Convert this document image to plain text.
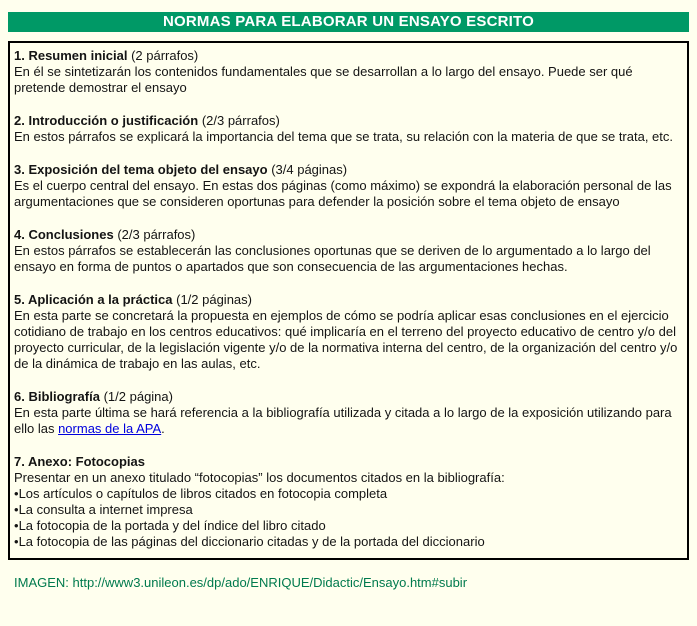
NORMAS PARA ELABORAR UN ENSAYO ESCRITO
1. Resumen inicial (2 párrafos)
En él se sintetizarán los contenidos fundamentales que se desarrollan a lo largo del ensayo. Puede ser qué pretende demostrar el ensayo
2. Introducción o justificación (2/3 párrafos)
En estos párrafos se explicará la importancia del tema que se trata, su relación con la materia de que se trata, etc.
3. Exposición del tema objeto del ensayo (3/4 páginas)
Es el cuerpo central del ensayo. En estas dos páginas (como máximo) se expondrá la elaboración personal de las argumentaciones que se consideren oportunas para defender la posición sobre el tema objeto de ensayo
4. Conclusiones (2/3 párrafos)
En estos párrafos se establecerán las conclusiones oportunas que se deriven de lo argumentado a lo largo del ensayo en forma de puntos o apartados que son consecuencia de las argumentaciones hechas.
5. Aplicación a la práctica (1/2 páginas)
En esta parte se concretará la propuesta en ejemplos de cómo se podría aplicar esas conclusiones en el ejercicio cotidiano de trabajo en los centros educativos: qué implicaría en el terreno del proyecto educativo de centro y/o del proyecto curricular, de la legislación vigente y/o de la normativa interna del centro, de la organización del centro y/o de la dinámica de trabajo en las aulas, etc.
6. Bibliografía (1/2 página)
En esta parte última se hará referencia a la bibliografía utilizada y citada a lo largo de la exposición utilizando para ello las normas de la APA.
7. Anexo: Fotocopias
Presentar en un anexo titulado “fotocopias” los documentos citados en la bibliografía:
• Los artículos o capítulos de libros citados en fotocopia completa
• La consulta a internet impresa
• La fotocopia de la portada y del índice del libro citado
• La fotocopia de las páginas del diccionario citadas y de la portada del diccionario
IMAGEN: http://www3.unileon.es/dp/ado/ENRIQUE/Didactic/Ensayo.htm#subir
